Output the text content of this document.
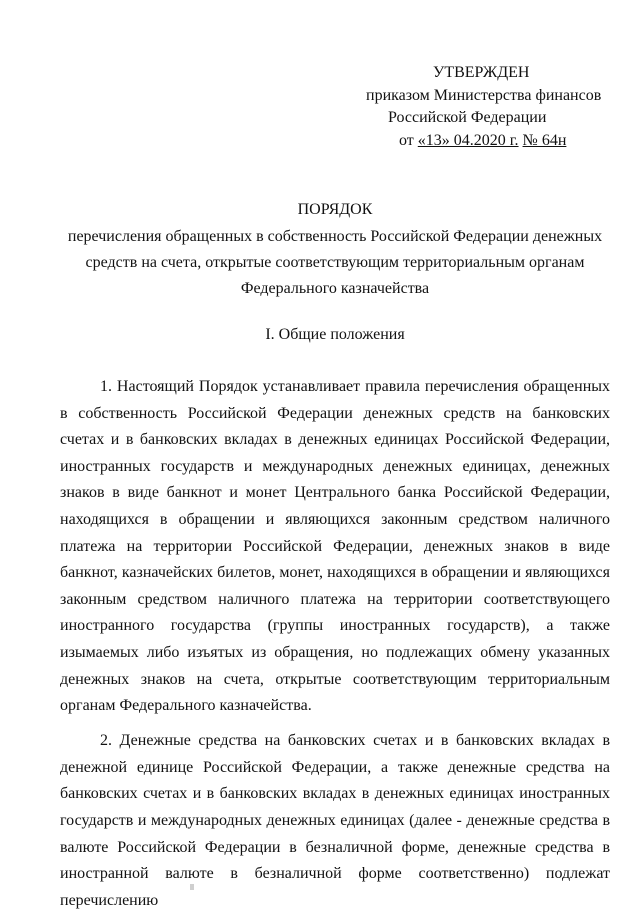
УТВЕРЖДЕН
приказом Министерства финансов
Российской Федерации
от «13» 04.2020 г. № 64н
ПОРЯДОК
перечисления обращенных в собственность Российской Федерации денежных
средств на счета, открытые соответствующим территориальным органам
Федерального казначейства
I. Общие положения

1. Настоящий Порядок устанавливает правила перечисления обращенных в собственность Российской Федерации денежных средств на банковских счетах и в банковских вкладах в денежных единицах Российской Федерации, иностранных государств и международных денежных единицах, денежных знаков в виде банкнот и монет Центрального банка Российской Федерации, находящихся в обращении и являющихся законным средством наличного платежа на территории Российской Федерации, денежных знаков в виде банкнот, казначейских билетов, монет, находящихся в обращении и являющихся законным средством наличного платежа на территории соответствующего иностранного государства (группы иностранных государств), а также изымаемых либо изъятых из обращения, но подлежащих обмену указанных денежных знаков на счета, открытые соответствующим территориальным органам Федерального казначейства.

2. Денежные средства на банковских счетах и в банковских вкладах в денежной единице Российской Федерации, а также денежные средства на банковских счетах и в банковских вкладах в денежных единицах иностранных государств и международных денежных единицах (далее - денежные средства в валюте Российской Федерации в безналичной форме, денежные средства в иностранной валюте в безналичной форме соответственно) подлежат перечислению
